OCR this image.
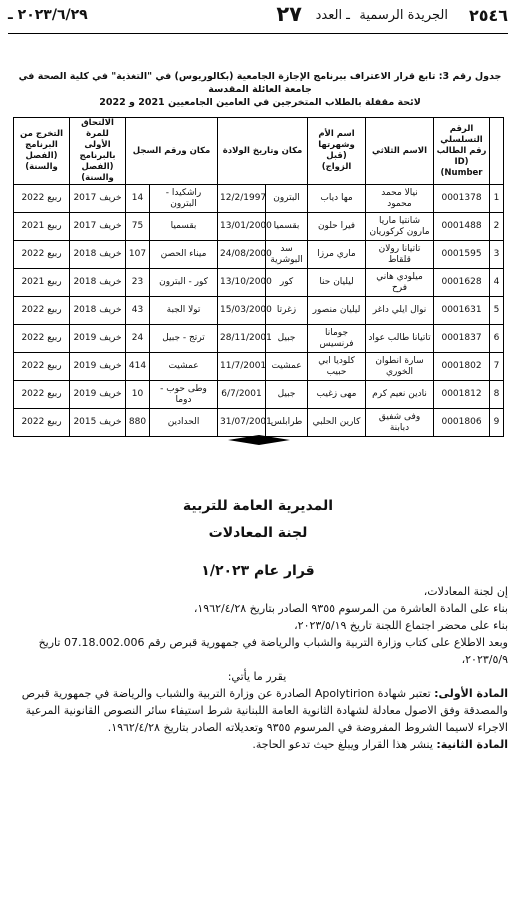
٢٥٤٦
الجريدة الرسمية
ـ العدد
٢٧
٢٠٢٣/٦/٢٩ ـ
جدول رقم 3: تابع قرار الاعتراف ببرنامج الإجازة الجامعية (بكالوريوس) في "التغذية" في كلية الصحة في جامعة العائلة المقدسة
لائحة مقفلة بالطلاب المتخرجين في العامين الجامعيين 2021 و 2022
	الرقم التسلسلي رقم الطالب (ID Number)	الاسم الثلاثي	اسم الأم وشهرتها (قبل الزواج)	مكان وتاريخ الولادة		مكان ورقم السجل		الالتحاق للمرة الأولى بالبرنامج (الفصل والسنة)	التخرج من البرنامج (الفصل والسنة)
1	0001378	نيالا محمد محمود	مها دياب	البترون	12/2/1997	راشكيدا - البترون	14	خريف 2017	ربيع 2022
2	0001488	شانتيا ماريا مارون كركوريان	فيرا حلون	بقسميا	13/01/2000	بقسميا	75	خريف 2017	ربيع 2021
3	0001595	تاتيانا رولان قلقاط	ماري مرزا	سد البوشرية	24/08/2000	ميناء الحصن	107	خريف 2018	ربيع 2022
4	0001628	ميلودي هاني فرح	ليليان حنا	كور	13/10/2000	كور - البترون	23	خريف 2018	ربيع 2021
5	0001631	نوال ايلي داغر	ليليان منصور	زغرتا	15/03/2000	تولا الجبة	43	خريف 2018	ربيع 2022
6	0001837	تاتيانا طالب عواد	جومانا فرنسيس	جبيل	28/11/2001	ترتج - جبيل	24	خريف 2019	ربيع 2022
7	0001802	سارة انطوان الخوري	كلوديا ابي حبيب	عمشيت	11/7/2001	عمشيت	414	خريف 2019	ربيع 2022
8	0001812	نادين نعيم كرم	مهى زغيب	جبيل	6/7/2001	وطى حوب - دوما	10	خريف 2019	ربيع 2022
9	0001806	وفى شفيق دبابنة	كارين الحلبي	طرابلس	31/07/2001	الحدادين	880	خريف 2015	ربيع 2022
المديرية العامة للتربية
لجنة المعادلات
قرار عام ١/٢٠٢٣

إن لجنة المعادلات،

بناء على المادة العاشرة من المرسوم ٩٣٥٥ الصادر بتاريخ ١٩٦٢/٤/٢٨،

بناء على محضر اجتماع اللجنة تاريخ ٢٠٢٣/٥/١٩،

وبعد الاطلاع على كتاب وزارة التربية والشباب والرياضة في جمهورية قبرص رقم 07.18.002.006 تاريخ ٢٠٢٣/٥/٩،

يقرر ما يأتي:

المادة الأولى: تعتبر شهادة Apolytirion الصادرة عن وزارة التربية والشباب والرياضة في جمهورية قبرص والمصدقة وفق الاصول معادلة لشهادة الثانوية العامة اللبنانية شرط استيفاء سائر النصوص القانونية المرعية الاجراء لاسيما الشروط المفروضة في المرسوم ٩٣٥٥ وتعديلاته الصادر بتاريخ ١٩٦٢/٤/٢٨.

المادة الثانية: ينشر هذا القرار ويبلغ حيث تدعو الحاجة.
